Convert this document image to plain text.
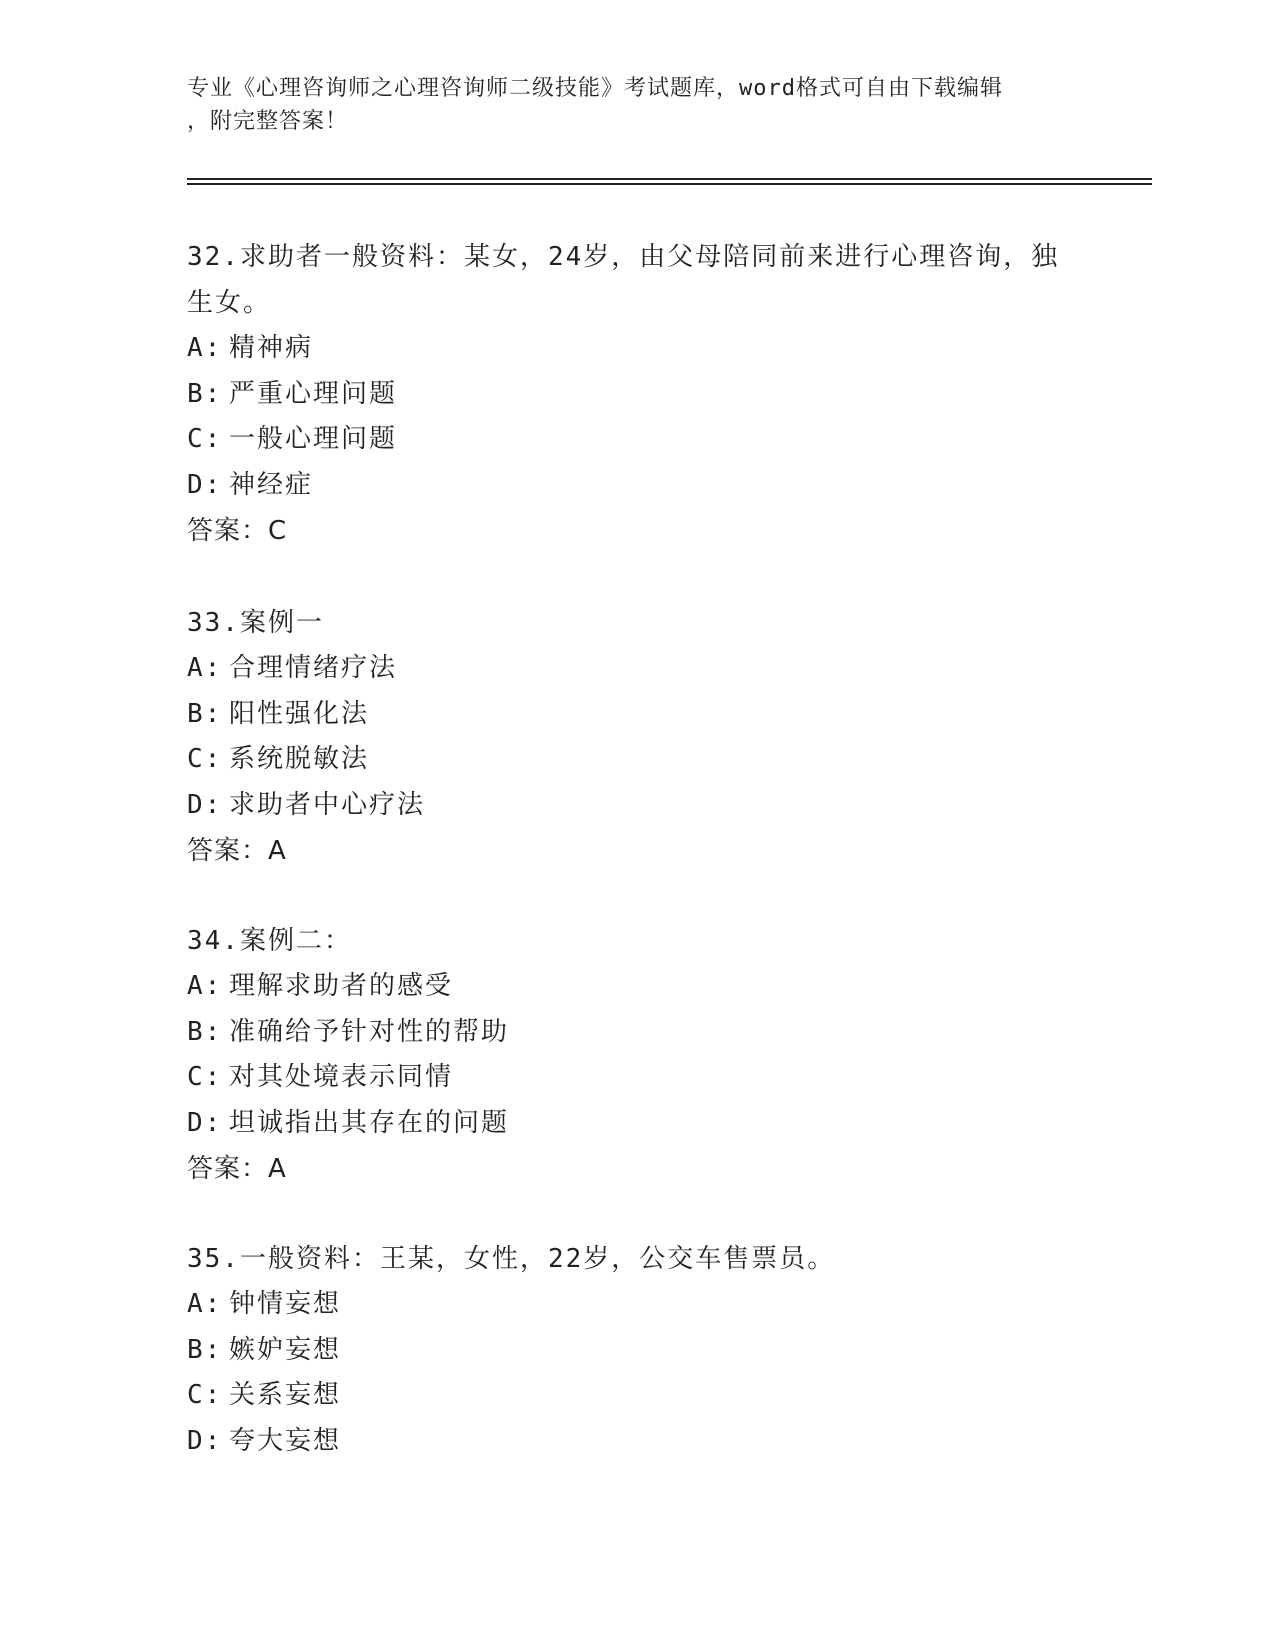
专业《心理咨询师之心理咨询师二级技能》考试题库，word格式可自由下载编辑
，附完整答案！

32.求助者一般资料：某女，24岁，由父母陪同前来进行心理咨询，独

生女。

A: 精神病

B: 严重心理问题

C: 一般心理问题

D: 神经症

答案：C

33.案例一

A: 合理情绪疗法

B: 阳性强化法

C: 系统脱敏法

D: 求助者中心疗法

答案：A

34.案例二：

A: 理解求助者的感受

B: 准确给予针对性的帮助

C: 对其处境表示同情

D: 坦诚指出其存在的问题

答案：A

35.一般资料：王某，女性，22岁，公交车售票员。

A: 钟情妄想

B: 嫉妒妄想

C: 关系妄想

D: 夸大妄想
